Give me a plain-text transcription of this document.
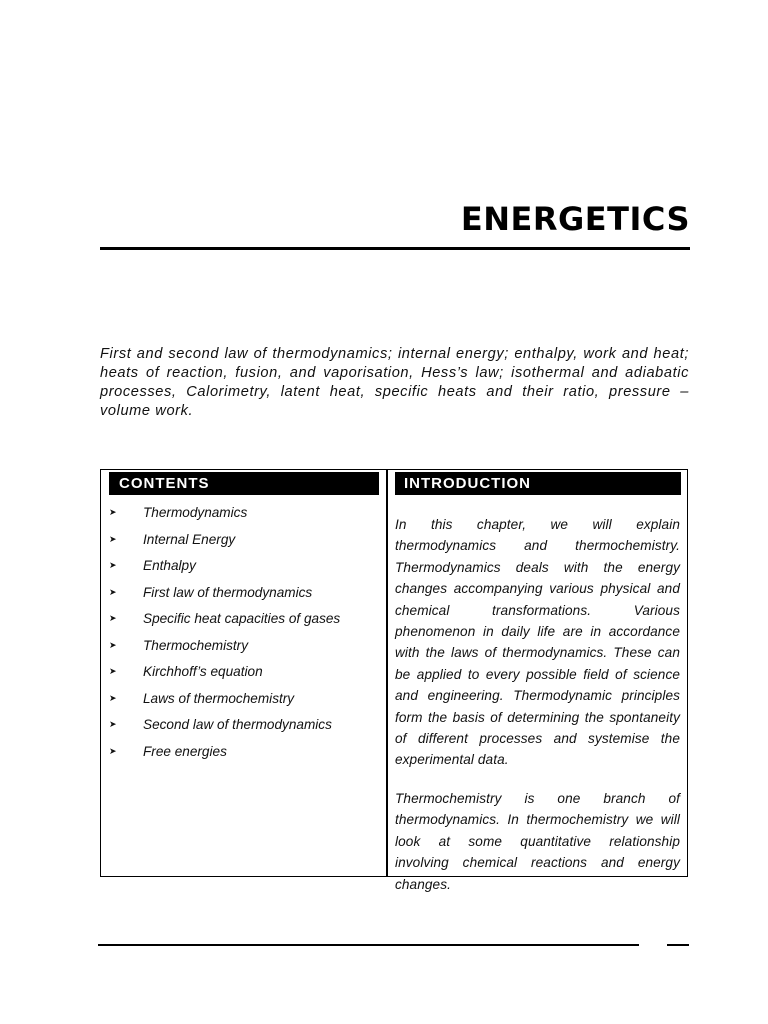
ENERGETICS
First and second law of thermodynamics; internal energy; enthalpy, work and heat; heats of reaction, fusion, and vaporisation, Hess’s law; isothermal and adiabatic processes, Calorimetry, latent heat, specific heats and their ratio, pressure – volume work.
CONTENTS	INTRODUCTION
➤	Thermodynamics
➤	Internal Energy
➤	Enthalpy
➤	First law of thermodynamics
➤	Specific heat capacities of gases
➤	Thermochemistry
➤	Kirchhoff’s equation
➤	Laws of thermochemistry
➤	Second law of thermodynamics
➤	Free energies

In this chapter, we will explain thermodynamics and thermochemistry. Thermodynamics deals with the energy changes accompanying various physical and chemical transformations. Various phenomenon in daily life are in accordance with the laws of thermodynamics. These can be applied to every possible field of science and engineering. Thermodynamic principles form the basis of determining the spontaneity of different processes and systemise the experimental data.

Thermochemistry is one branch of thermodynamics. In thermochemistry we will look at some quantitative relationship involving chemical reactions and energy changes.
